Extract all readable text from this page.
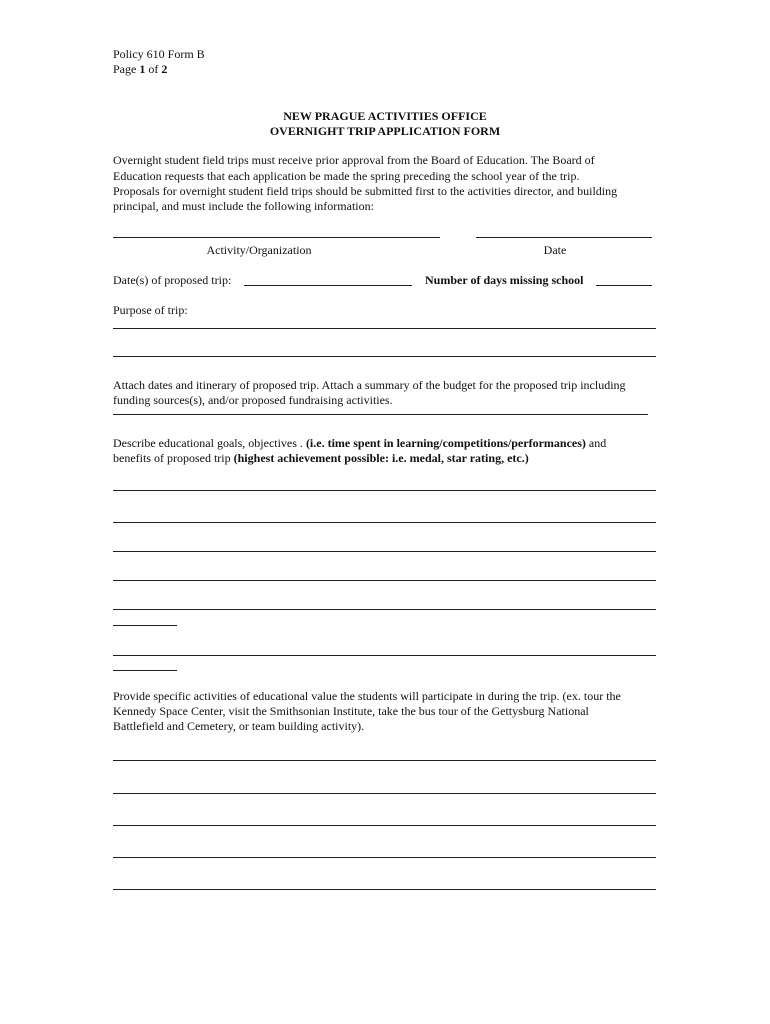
Policy 610 Form B
Page 1 of 2
NEW PRAGUE ACTIVITIES OFFICE
OVERNIGHT TRIP APPLICATION FORM
Overnight student field trips must receive prior approval from the Board of Education. The Board of
Education requests that each application be made the spring preceding the school year of the trip.
Proposals for overnight student field trips should be submitted first to the activities director, and building
principal, and must include the following information:
Activity/Organization	Date
Date(s) of proposed trip:	Number of days missing school
Purpose of trip:
Attach dates and itinerary of proposed trip. Attach a summary of the budget for the proposed trip including
funding sources(s), and/or proposed fundraising activities.
Describe educational goals, objectives . (i.e. time spent in learning/competitions/performances) and
benefits of proposed trip (highest achievement possible: i.e. medal, star rating, etc.)
Provide specific activities of educational value the students will participate in during the trip. (ex. tour the
Kennedy Space Center, visit the Smithsonian Institute, take the bus tour of the Gettysburg National
Battlefield and Cemetery, or team building activity).
